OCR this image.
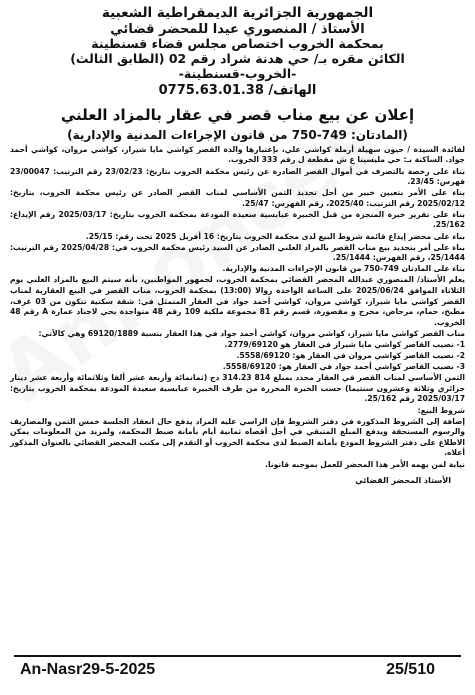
الجمهورية الجزائرية الديمقراطية الشعبية
الأستاذ / المنصوري عيدا للمحضر قضائي
بمحكمة الخروب اختصاص مجلس قضاء قسنطينة
الكائن مقره بـ/ حي هدنة شراد رقم 02 (الطابق الثالث)
-الخروب-قسنطينة-
الهاتف/ 0775.63.01.38
إعلان عن بيع مناب قصر في عقار بالمزاد العلني
(المادتان: 749-750 من قانون الإجراءات المدنية والإدارية)

لفائدة السيدة / حيون سهيلة أرملة كواشي علي، بإعتبارها والدة القصر كواشي مايا شيراز، كواشي مروان، كواشي أحمد جواد. الساكنة بـ: حي مليسيتا ع ش مقطعة ل رقم 333 الخروب.

بناء على رخصة بالتصرف في أموال القصر الصادرة عن رئيس محكمة الخروب بتاريخ: 23/02/23 رقم الترتيب: 23/00047 فهرس: 23/45.

بناء على الأمر بتعيين خبير من أجل تحديد الثمن الأساسي لمناب القصر الصادر عن رئيس محكمة الخروب، بتاريخ: 2025/02/12 رقم الترتيب: 2025/40، رقم الفهرس: 25/47.

بناء على تقرير خبرة المنجزة من قبل الخبيرة عبابسية سعيدة المودعة بمحكمة الخروب بتاريخ: 2025/03/17 رقم الإيداع: 25/162.

بناء على محضر إيداع قائمة شروط البيع لدى محكمة الخروب بتاريخ: 16 أفريل 2025 تحت رقم: 25/15.

بناء على أمر بتحديد بيع مناب القصر بالمزاد العلني الصادر عن السيد رئيس محكمة الخروب في: 2025/04/28 رقم الترتيب: 25/1444، رقم الفهرس: 25/1444.

بناء على المادتان 749-750 من قانون الإجراءات المدنية والإدارية.

يعلم الأستاذ/ المنصوري عبدالله المحضر القضائي بمحكمة الخروب، لجمهور المواطنين، بأنه سيتم البيع بالمزاد العلني يوم الثلاثاء الموافق 2025/06/24 على الساعة الواحدة زوالا (13:00) بمحكمة الخروب، مناب القصر في البيع العقارية لمناب القصر كواشي مايا شيراز، كواشي مروان، كواشي أحمد جواد في العقار المتمثل في: شقة سكنية تتكون من 03 غرف، مطبخ، حمام، مرحاض، مخرج و مقصورة، قسم رقم 81 مجموعة ملكية 109 رقم 48 متواجدة بحي لاجناد عمارة A رقم 48 الخروب.

مناب القصر كواشي مايا شيراز، كواشي مروان، كواشي أحمد جواد في هذا العقار بنسبة 69120/1889 وهي كالآتي:

1- نصيب القاصر كواشي مايا شيراز في العقار هو 2779/69120.

2- نصيب القاصر كواشي مروان في العقار هو: 5558/69120.

3- نصيب القاصر كواشي أحمد جواد في العقار هو: 5558/69120.

الثمن الأساسي لمناب القصر في العقار محدد بمبلغ 814 314.23 دج (ثمانمائة وأربعة عشر ألفا وثلاثمائة وأربعة عشر دينار جزائري وثلاثة وعشرون سنتيما) حسب الخبرة المحررة من طرف الخبيرة عبابسية سعيدة المودعة بمحكمة الخروب بتاريخ: 2025/03/17 رقم 25/162.

شروط البيع:

إضافة إلى الشروط المذكورة في دفتر الشروط فإن الراسي عليه المزاد يدفع حال انعقاد الجلسة خمس الثمن والمصاريف والرسوم المستحقة ويدفع المبلغ المتبقي في أجل أقصاه ثمانية أيام بأمانة ضبط المحكمة، ولمزيد من المعلومات يمكن الاطلاع على دفتر الشروط المودع بأمانة الضبط لدى محكمة الخروب أو التقدم إلى مكتب المحضر القضائي بالعنوان المذكور أعلاه.

نيابة لمن يهمه الأمر هذا المحضر للعمل بموجبه قانونا.

الأستاذ المحضر القضائي
An-Nasr29-5-2025	25/510
